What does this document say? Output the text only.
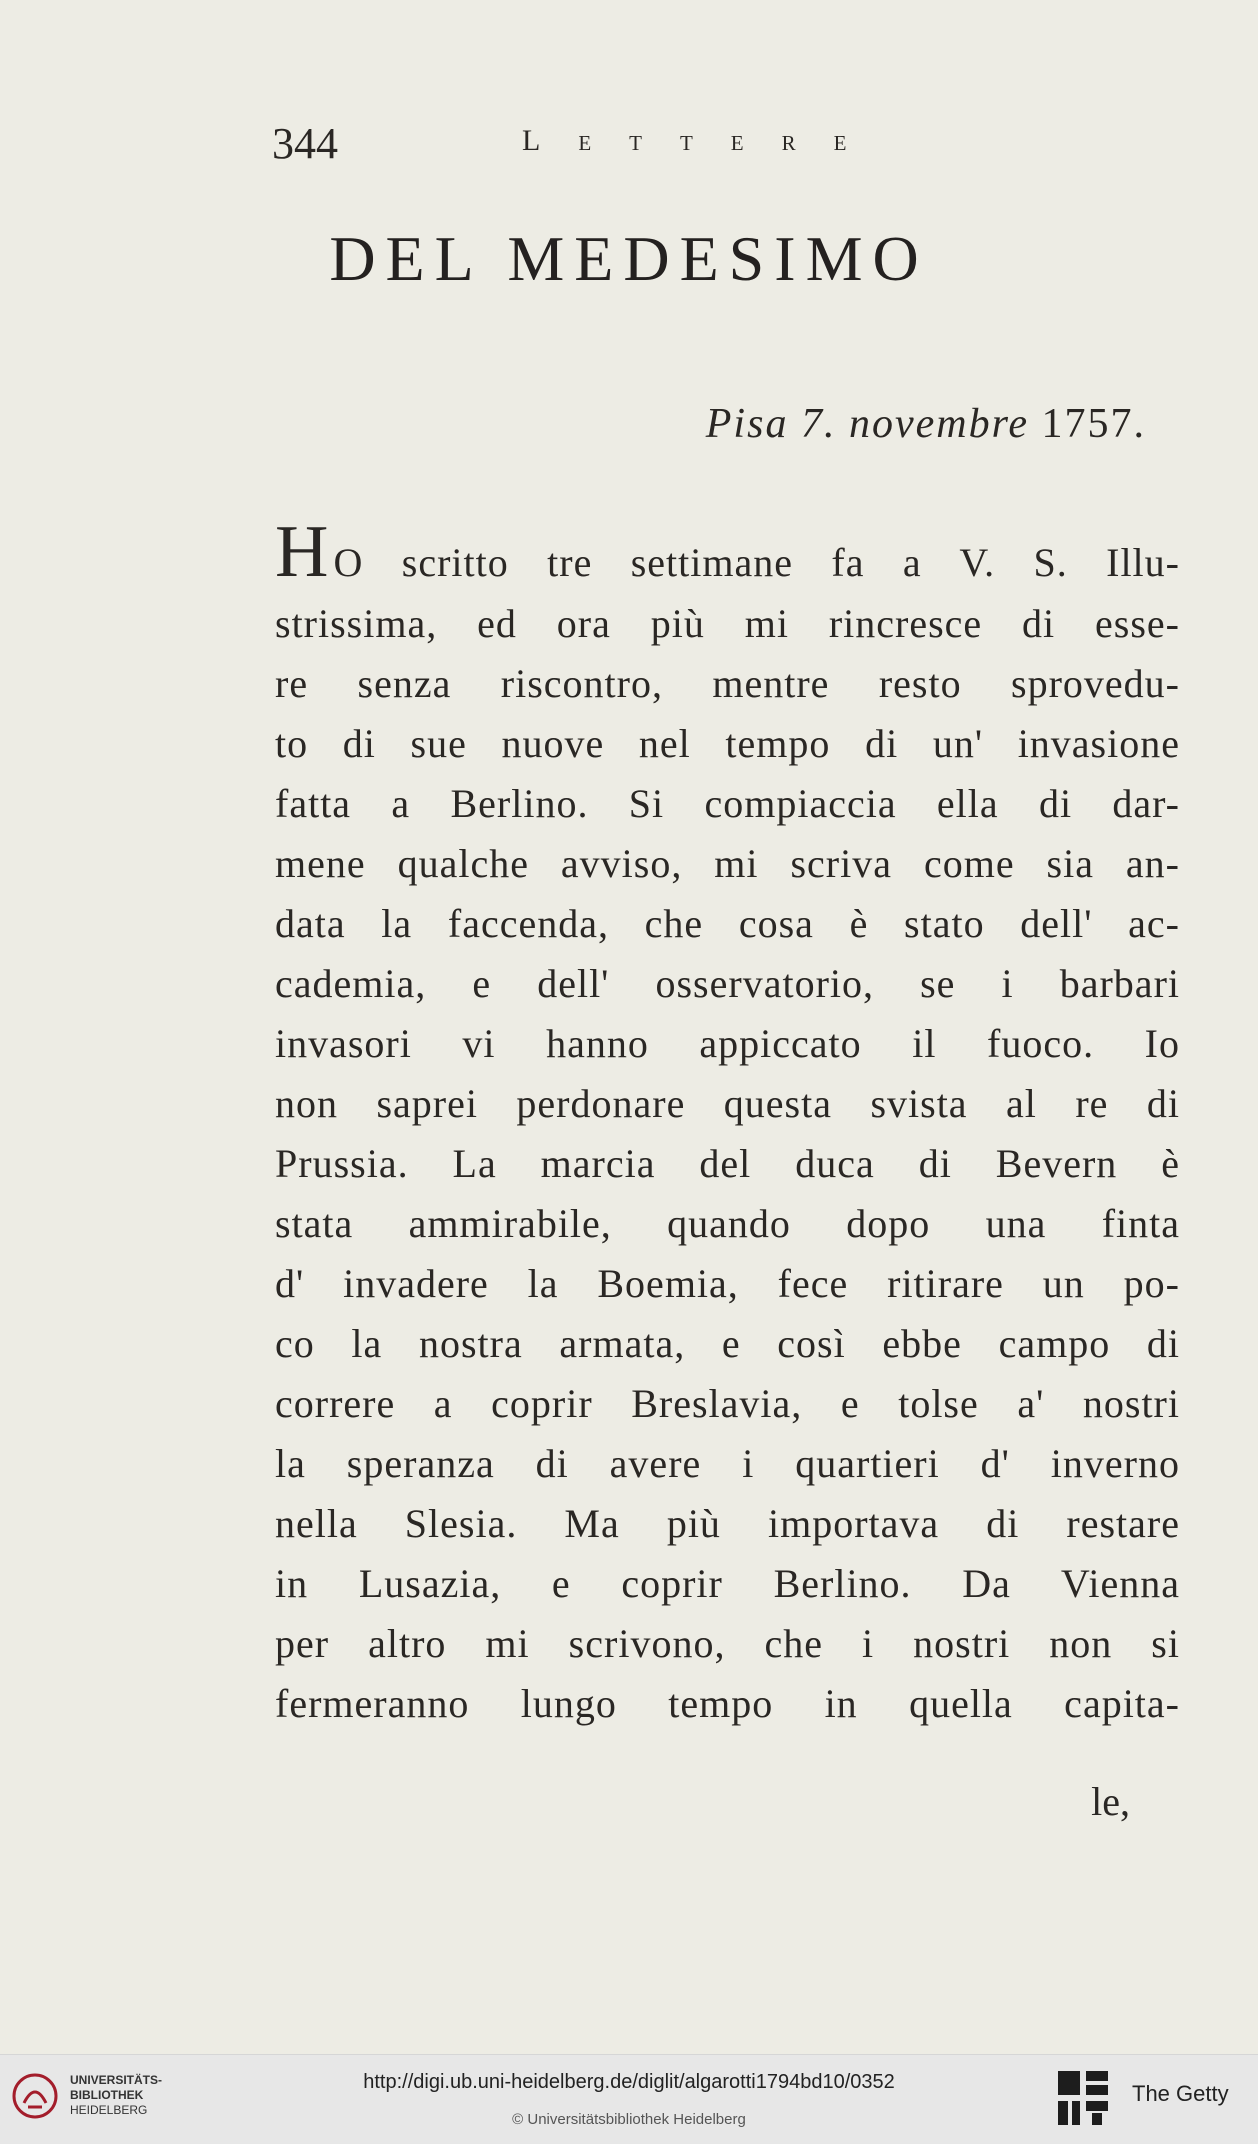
344	Lettere
DEL MEDESIMO
Pisa 7. novembre 1757.
H O scritto tre settimane fa a V. S. Illu-
strissima, ed ora più mi rincresce di esse-
re senza riscontro, mentre resto sprovedu-
to di sue nuove nel tempo di un' invasione
fatta a Berlino. Si compiaccia ella di dar-
mene qualche avviso, mi scriva come sia an-
data la faccenda, che cosa è stato dell' ac-
cademia, e dell' osservatorio, se i barbari
invasori vi hanno appiccato il fuoco. Io
non saprei perdonare questa svista al re di
Prussia. La marcia del duca di Bevern è
stata ammirabile, quando dopo una finta
d' invadere la Boemia, fece ritirare un po-
co la nostra armata, e così ebbe campo di
correre a coprir Breslavia, e tolse a' nostri
la speranza di avere i quartieri d' inverno
nella Slesia. Ma più importava di restare
in Lusazia, e coprir Berlino. Da Vienna
per altro mi scrivono, che i nostri non si
fermeranno lungo tempo in quella capita-
le,
UNIVERSITÄTS-
BIBLIOTHEK
HEIDELBERG
http://digi.ub.uni-heidelberg.de/diglit/algarotti1794bd10/0352
© Universitätsbibliothek Heidelberg
The Getty
